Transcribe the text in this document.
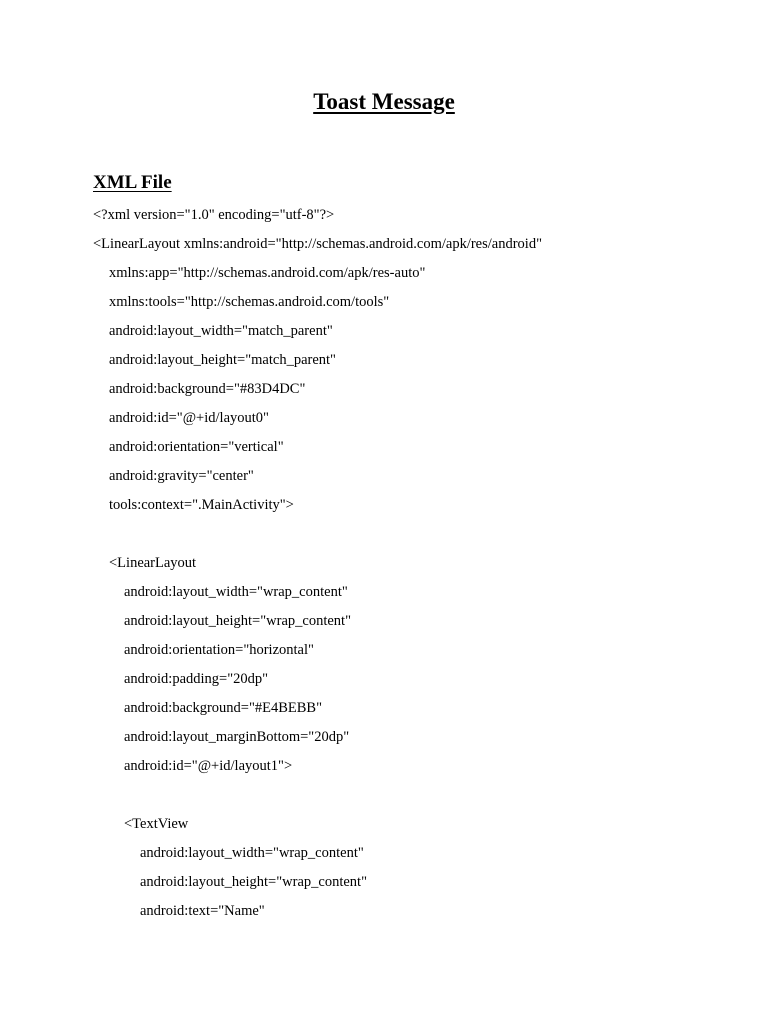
Toast Message
XML File
<?xml version="1.0" encoding="utf-8"?>
<LinearLayout xmlns:android="http://schemas.android.com/apk/res/android"
xmlns:app="http://schemas.android.com/apk/res-auto"
xmlns:tools="http://schemas.android.com/tools"
android:layout_width="match_parent"
android:layout_height="match_parent"
android:background="#83D4DC"
android:id="@+id/layout0"
android:orientation="vertical"
android:gravity="center"
tools:context=".MainActivity">
<LinearLayout
android:layout_width="wrap_content"
android:layout_height="wrap_content"
android:orientation="horizontal"
android:padding="20dp"
android:background="#E4BEBB"
android:layout_marginBottom="20dp"
android:id="@+id/layout1">
<TextView
android:layout_width="wrap_content"
android:layout_height="wrap_content"
android:text="Name"
